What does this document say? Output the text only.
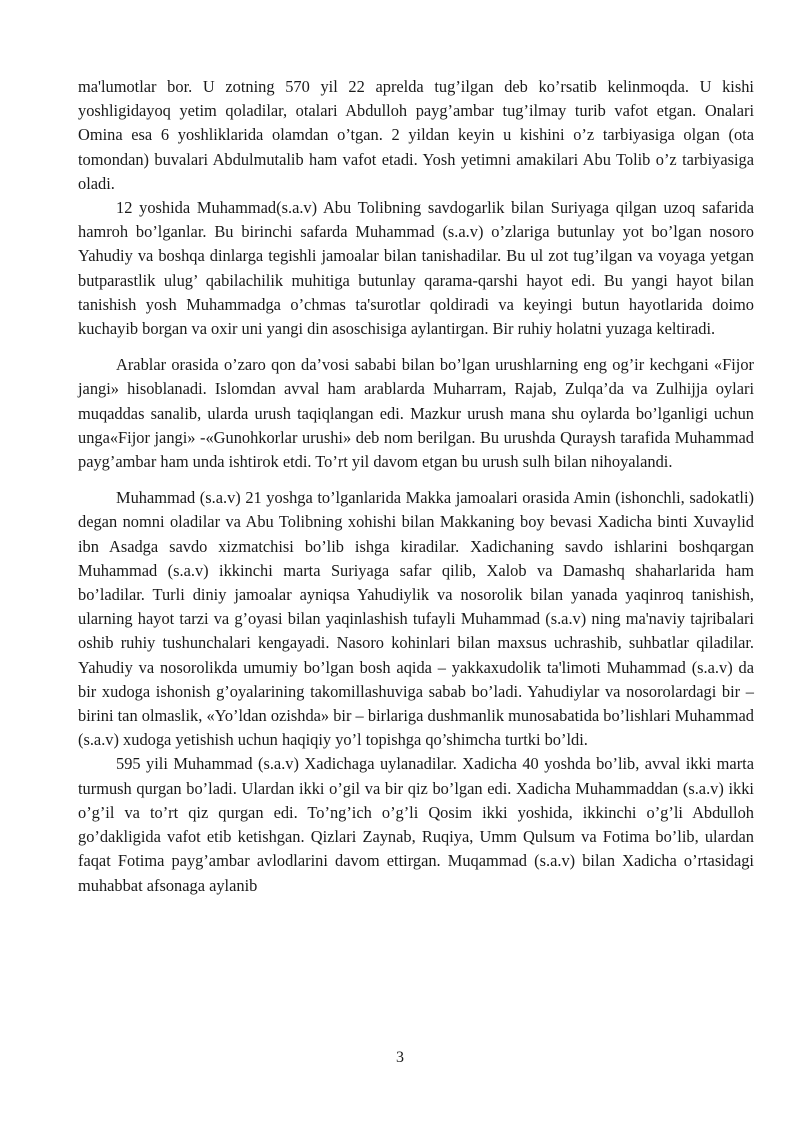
ma'lumotlar bor. U zotning 570 yil 22 aprelda tug’ilgan deb ko’rsatib kelinmoqda. U kishi yoshligidayoq yetim qoladilar, otalari Abdulloh payg’ambar tug’ilmay turib vafot etgan. Onalari Omina esa 6 yoshliklarida olamdan o’tgan. 2 yildan keyin u kishini o’z tarbiyasiga olgan (ota tomondan) buvalari Abdulmutalib ham vafot etadi. Yosh yetimni amakilari Abu Tolib o’z tarbiyasiga oladi.

12 yoshida Muhammad(s.a.v) Abu Tolibning savdogarlik bilan Suriyaga qilgan uzoq safarida hamroh bo’lganlar. Bu birinchi safarda Muhammad (s.a.v) o’zlariga butunlay yot bo’lgan nosoro Yahudiy va boshqa dinlarga tegishli jamoalar bilan tanishadilar. Bu ul zot tug’ilgan va voyaga yetgan butparastlik ulug’ qabilachilik muhitiga butunlay qarama-qarshi hayot edi. Bu yangi hayot bilan tanishish yosh Muhammadga o’chmas ta'surotlar qoldiradi va keyingi butun hayotlarida doimo kuchayib borgan va oxir uni yangi din asoschisiga aylantirgan. Bir ruhiy holatni yuzaga keltiradi.

Arablar orasida o’zaro qon da’vosi sababi bilan bo’lgan urushlarning eng og’ir kechgani «Fijor jangi» hisoblanadi. Islomdan avval ham arablarda Muharram, Rajab, Zulqa’da va Zulhijja oylari muqaddas sanalib, ularda urush taqiqlangan edi. Mazkur urush mana shu oylarda bo’lganligi uchun unga«Fijor jangi» -«Gunohkorlar urushi» deb nom berilgan. Bu urushda Quraysh tarafida Muhammad payg’ambar ham unda ishtirok etdi. To’rt yil davom etgan bu urush sulh bilan nihoyalandi.

Muhammad (s.a.v) 21 yoshga to’lganlarida Makka jamoalari orasida Amin (ishonchli, sadokatli) degan nomni oladilar va Abu Tolibning xohishi bilan Makkaning boy bevasi Xadicha binti Xuvaylid ibn Asadga savdo xizmatchisi bo’lib ishga kiradilar. Xadichaning savdo ishlarini boshqargan Muhammad (s.a.v) ikkinchi marta Suriyaga safar qilib, Xalob va Damashq shaharlarida ham bo’ladilar. Turli diniy jamoalar ayniqsa Yahudiylik va nosorolik bilan yanada yaqinroq tanishish, ularning hayot tarzi va g’oyasi bilan yaqinlashish tufayli Muhammad (s.a.v) ning ma'naviy tajribalari oshib ruhiy tushunchalari kengayadi. Nasoro kohinlari bilan maxsus uchrashib, suhbatlar qiladilar. Yahudiy va nosorolikda umumiy bo’lgan bosh aqida – yakkaxudolik ta'limoti Muhammad (s.a.v) da bir xudoga ishonish g’oyalarining takomillashuviga sabab bo’ladi. Yahudiylar va nosorolardagi bir – birini tan olmaslik, «Yo’ldan ozishda» bir – birlariga dushmanlik munosabatida bo’lishlari Muhammad (s.a.v) xudoga yetishish uchun haqiqiy yo’l topishga qo’shimcha turtki bo’ldi.

595 yili Muhammad (s.a.v) Xadichaga uylanadilar. Xadicha 40 yoshda bo’lib, avval ikki marta turmush qurgan bo’ladi. Ulardan ikki o’gil va bir qiz bo’lgan edi. Xadicha Muhammaddan (s.a.v) ikki o’g’il va to’rt qiz qurgan edi. To’ng’ich o’g’li Qosim ikki yoshida, ikkinchi o’g’li Abdulloh go’dakligida vafot etib ketishgan. Qizlari Zaynab, Ruqiya, Umm Qulsum va Fotima bo’lib, ulardan faqat Fotima payg’ambar avlodlarini davom ettirgan. Muqammad (s.a.v) bilan Xadicha o’rtasidagi muhabbat afsonaga aylanib

3
